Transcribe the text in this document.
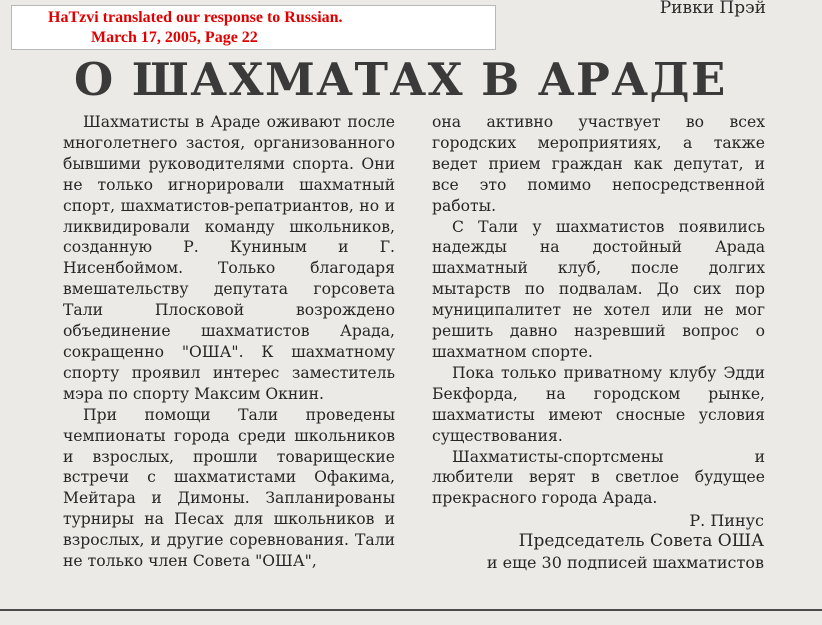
HaTzvi translated our response to Russian.
March 17, 2005, Page 22
Ривки Прэй
О ШАХМАТАХ В АРАДЕ

Шахматисты в Араде оживают после многолетнего застоя, организованного бывшими руководителями спорта. Они не только игнорировали шахматный спорт, шахматистов-репатриантов, но и ликвидировали команду школьников, созданную Р. Куниным и Г. Нисенбоймом. Только благодаря вмешательству депутата горсовета Тали Плосковой возрождено объединение шахматистов Арада, сокращенно "ОША". К шахматному спорту проявил интерес заместитель мэра по спорту Максим Окнин.

При помощи Тали проведены чемпионаты города среди школьников и взрослых, прошли товарищеские встречи с шахматистами Офакима, Мейтара и Димоны. Запланированы турниры на Песах для школьников и взрослых, и другие соревнования. Тали не только член Совета "ОША",

она активно участвует во всех городских мероприятиях, а также ведет прием граждан как депутат, и все это помимо непосредственной работы.

С Тали у шахматистов появились надежды на достойный Арада шахматный клуб, после долгих мытарств по подвалам. До сих пор муниципалитет не хотел или не мог решить давно назревший вопрос о шахматном спорте.

Пока только приватному клубу Эдди Бекфорда, на городском рынке, шахматисты имеют сносные условия существования.

Шахматисты-спортсмены и любители верят в светлое будущее прекрасного города Арада.

Р. Пинус
Председатель Совета ОША
и еще 30 подписей шахматистов
